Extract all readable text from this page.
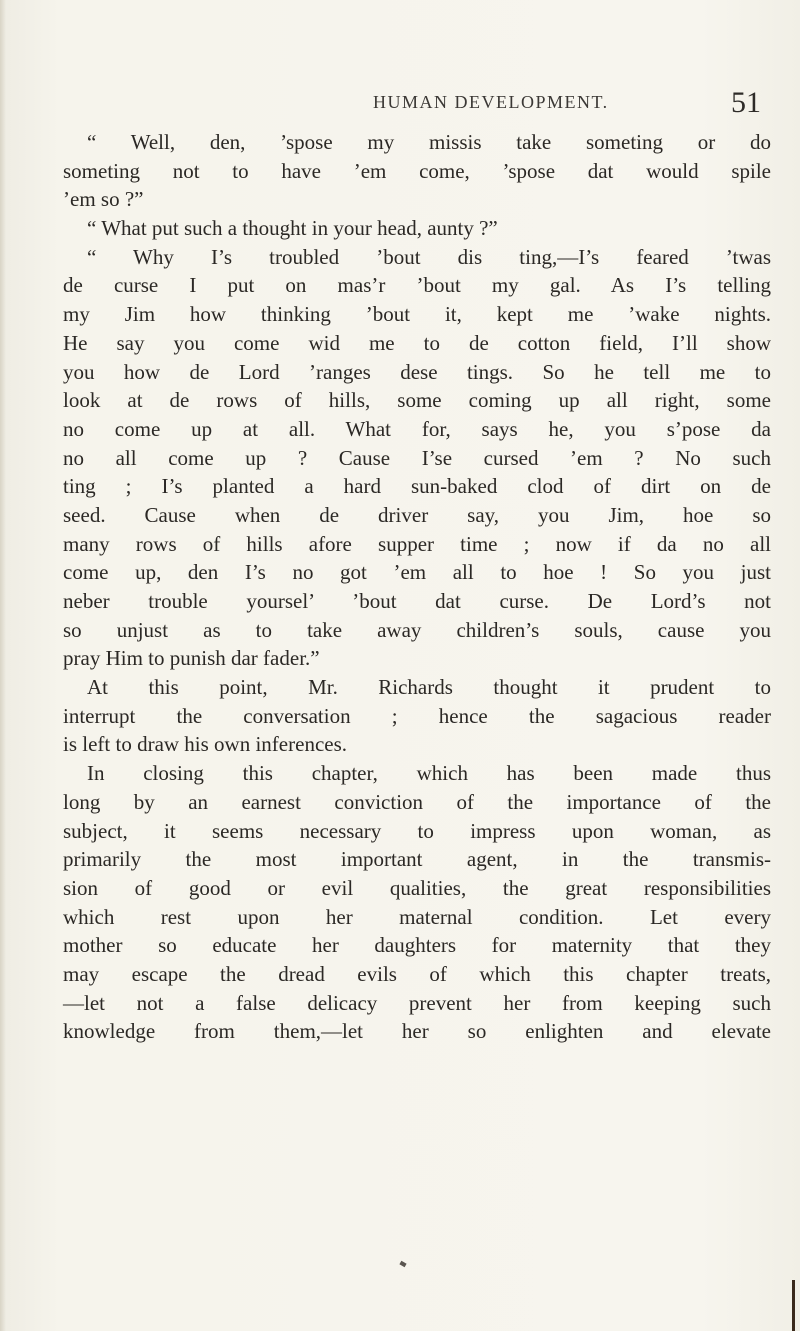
HUMAN DEVELOPMENT.	51
“ Well, den, ’spose my missis take someting or do
someting not to have ’em come, ’spose dat would spile
’em so ?”
“ What put such a thought in your head, aunty ?”
“ Why I’s troubled ’bout dis ting,—I’s feared ’twas
de curse I put on mas’r ’bout my gal. As I’s telling
my Jim how thinking ’bout it, kept me ’wake nights.
He say you come wid me to de cotton field, I’ll show
you how de Lord ’ranges dese tings. So he tell me to
look at de rows of hills, some coming up all right, some
no come up at all. What for, says he, you s’pose da
no all come up ? Cause I’se cursed ’em ? No such
ting ; I’s planted a hard sun-baked clod of dirt on de
seed. Cause when de driver say, you Jim, hoe so
many rows of hills afore supper time ; now if da no all
come up, den I’s no got ’em all to hoe ! So you just
neber trouble yoursel’ ’bout dat curse. De Lord’s not
so unjust as to take away children’s souls, cause you
pray Him to punish dar fader.”
At this point, Mr. Richards thought it prudent to
interrupt the conversation ; hence the sagacious reader
is left to draw his own inferences.
In closing this chapter, which has been made thus
long by an earnest conviction of the importance of the
subject, it seems necessary to impress upon woman, as
primarily the most important agent, in the transmis-
sion of good or evil qualities, the great responsibilities
which rest upon her maternal condition. Let every
mother so educate her daughters for maternity that they
may escape the dread evils of which this chapter treats,
—let not a false delicacy prevent her from keeping such
knowledge from them,—let her so enlighten and elevate
